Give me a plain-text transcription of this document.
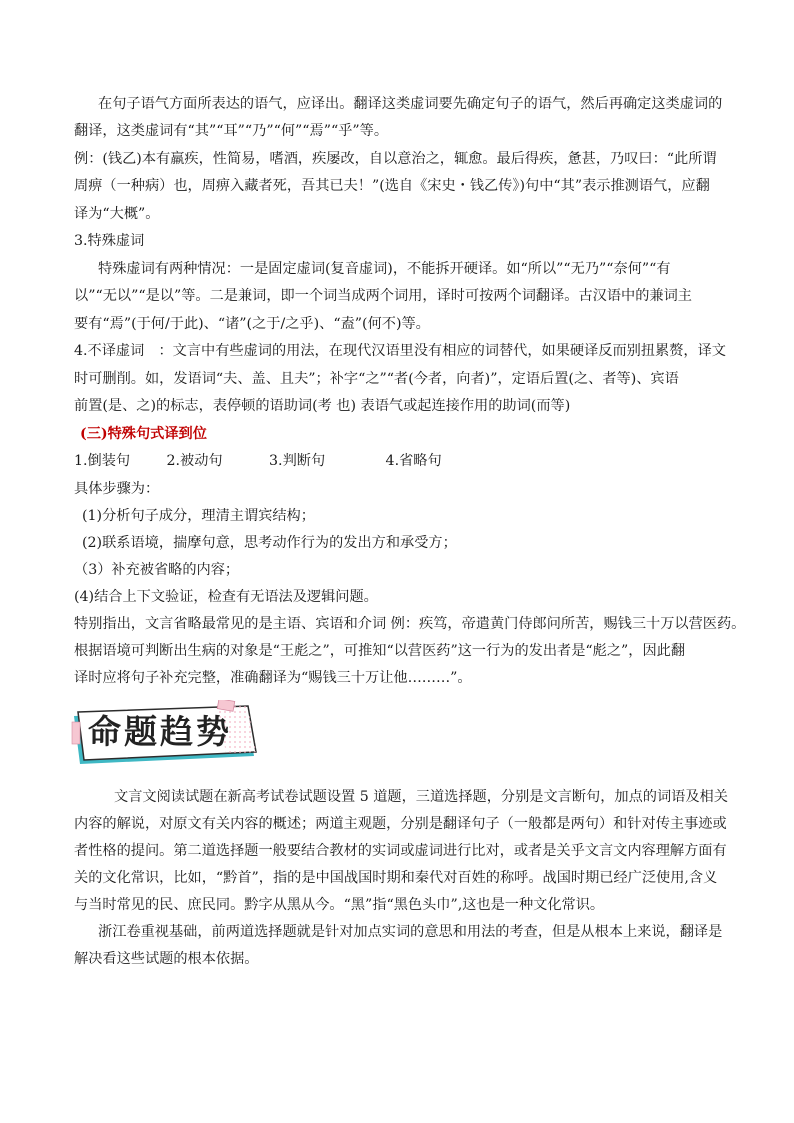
在句子语气方面所表达的语气，应译出。翻译这类虚词要先确定句子的语气，然后再确定这类虚词的
翻译，这类虚词有“其”“耳”“乃”“何”“焉”“乎”等。
例：(钱乙)本有羸疾，性简易，嗜酒，疾屡改，自以意治之，辄愈。最后得疾，惫甚，乃叹曰：“此所谓
周痹（一种病）也，周痹入藏者死，吾其已夫！”(选自《宋史・钱乙传》)句中“其”表示推测语气，应翻
译为“大概”。
3.特殊虚词
特殊虚词有两种情况：一是固定虚词(复音虚词)，不能拆开硬译。如“所以”“无乃”“奈何”“有
以”“无以”“是以”等。二是兼词，即一个词当成两个词用，译时可按两个词翻译。古汉语中的兼词主
要有“焉”(于何/于此)、“诸”(之于/之乎)、“盍”(何不)等。
4.不译虚词　：文言中有些虚词的用法，在现代汉语里没有相应的词替代，如果硬译反而别扭累赘，译文
时可删削。如，发语词“夫、盖、且夫”；补字“之”“者(今者，向者)”，定语后置(之、者等)、宾语
前置(是、之)的标志，表停顿的语助词(考 也) 表语气或起连接作用的助词(而等)
具体步骤为：
(1)分析句子成分，理清主谓宾结构；
(2)联系语境，揣摩句意，思考动作行为的发出方和承受方；
（3）补充被省略的内容；
(4)结合上下文验证，检查有无语法及逻辑问题。
特别指出，文言省略最常见的是主语、宾语和介词 例：疾笃，帝遣黄门侍郎问所苦，赐钱三十万以营医药。
根据语境可判断出生病的对象是“王彪之”，可推知“以营医药”这一行为的发出者是“彪之”，因此翻
译时应将句子补充完整，准确翻译为“赐钱三十万让他………”。
文言文阅读试题在新高考试卷试题设置 5 道题，三道选择题，分别是文言断句，加点的词语及相关
内容的解说，对原文有关内容的概述；两道主观题，分别是翻译句子（一般都是两句）和针对传主事迹或
者性格的提问。第二道选择题一般要结合教材的实词或虚词进行比对，或者是关乎文言文内容理解方面有
关的文化常识，比如，“黔首”，指的是中国战国时期和秦代对百姓的称呼。战国时期已经广泛使用,含义
与当时常见的民、庶民同。黔字从黑从今。“黑”指“黑色头巾”,这也是一种文化常识。
浙江卷重视基础，前两道选择题就是针对加点实词的意思和用法的考查，但是从根本上来说，翻译是
解决看这些试题的根本依据。
(三)特殊句式译到位
1.倒装句	2.被动句	3.判断句	4.省略句
命题趋势
